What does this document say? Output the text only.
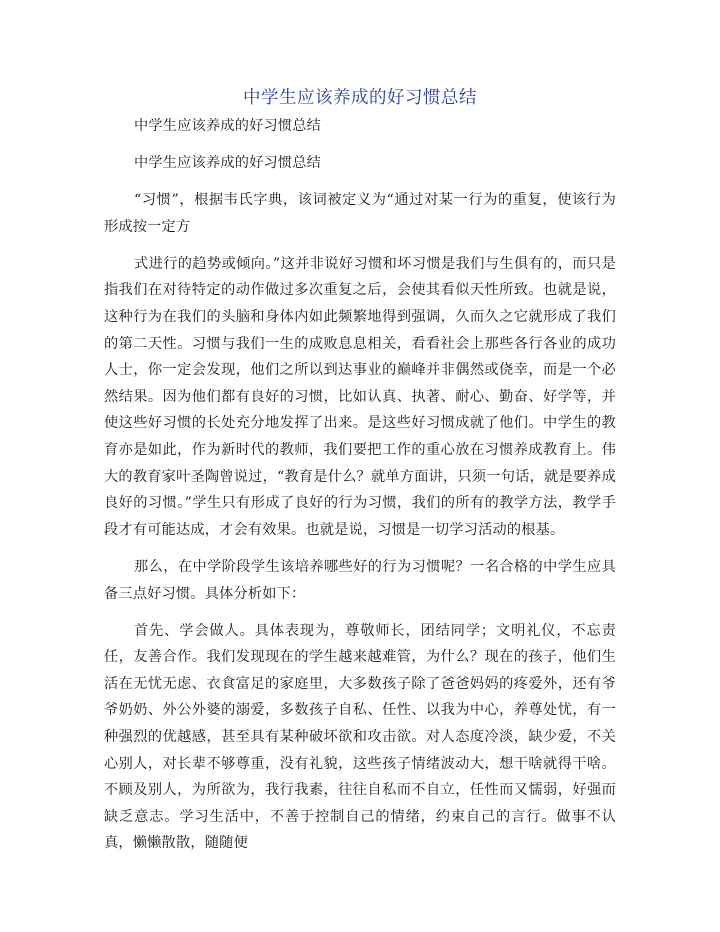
中学生应该养成的好习惯总结

中学生应该养成的好习惯总结

中学生应该养成的好习惯总结

“习惯”，根据韦氏字典，该词被定义为“通过对某一行为的重复，使该行为形成按一定方

式进行的趋势或倾向。”这并非说好习惯和坏习惯是我们与生俱有的，而只是指我们在对待特定的动作做过多次重复之后，会使其看似天性所致。也就是说，这种行为在我们的头脑和身体内如此频繁地得到强调，久而久之它就形成了我们的第二天性。习惯与我们一生的成败息息相关，看看社会上那些各行各业的成功人士，你一定会发现，他们之所以到达事业的巅峰并非偶然或侥幸，而是一个必然结果。因为他们都有良好的习惯，比如认真、执著、耐心、勤奋、好学等，并使这些好习惯的长处充分地发挥了出来。是这些好习惯成就了他们。中学生的教育亦是如此，作为新时代的教师，我们要把工作的重心放在习惯养成教育上。伟大的教育家叶圣陶曾说过，“教育是什么？就单方面讲，只须一句话，就是要养成良好的习惯。”学生只有形成了良好的行为习惯，我们的所有的教学方法，教学手段才有可能达成，才会有效果。也就是说，习惯是一切学习活动的根基。

那么，在中学阶段学生该培养哪些好的行为习惯呢？一名合格的中学生应具备三点好习惯。具体分析如下：

首先、学会做人。具体表现为，尊敬师长，团结同学；文明礼仪，不忘责任，友善合作。我们发现现在的学生越来越难管，为什么？现在的孩子，他们生活在无忧无虑、衣食富足的家庭里，大多数孩子除了爸爸妈妈的疼爱外，还有爷爷奶奶、外公外婆的溺爱，多数孩子自私、任性、以我为中心，养尊处忧，有一种强烈的优越感，甚至具有某种破坏欲和攻击欲。对人态度冷淡，缺少爱，不关心别人，对长辈不够尊重，没有礼貌，这些孩子情绪波动大，想干啥就得干啥。不顾及别人，为所欲为，我行我素，往往自私而不自立，任性而又懦弱，好强而缺乏意志。学习生活中，不善于控制自己的情绪，约束自己的言行。做事不认真，懒懒散散，随随便
